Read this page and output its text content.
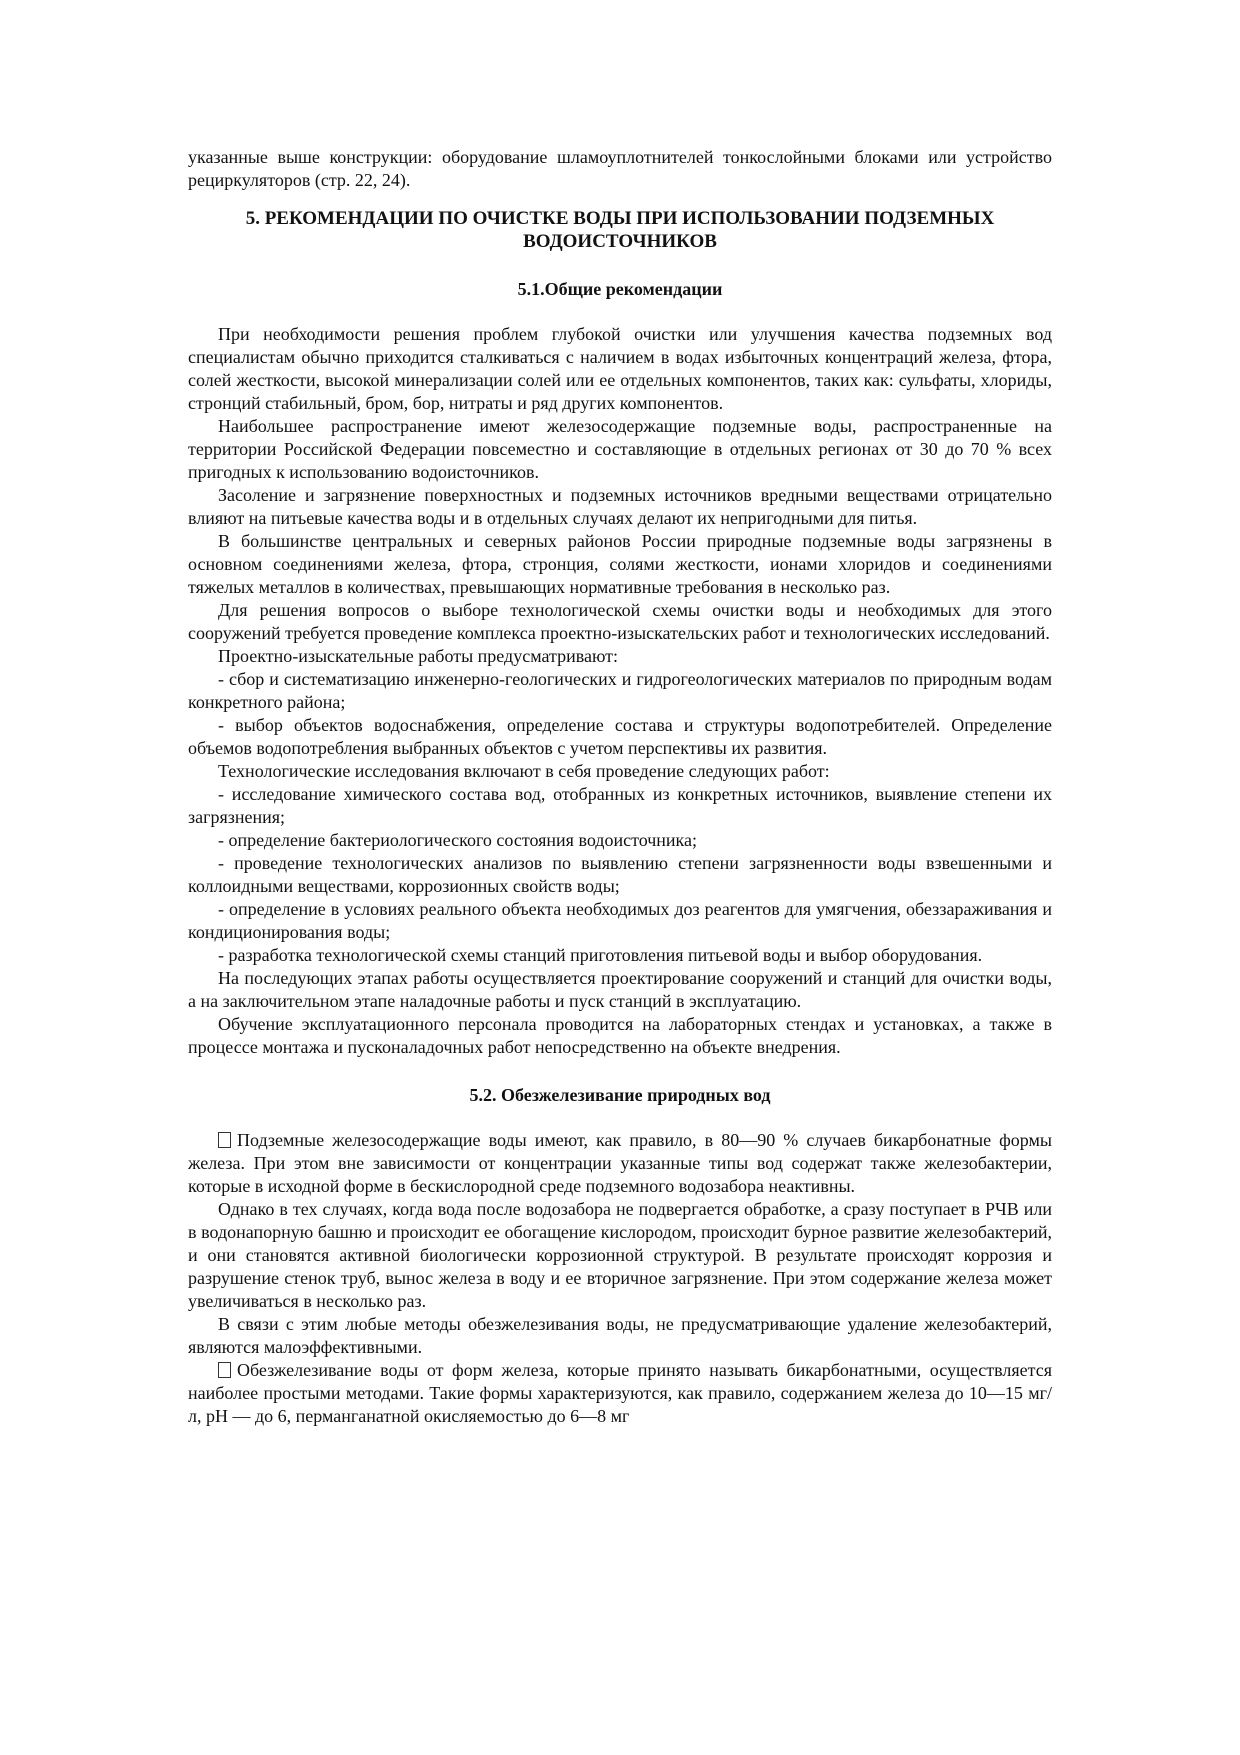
указанные выше конструкции: оборудование шламоуплотнителей тонкослойными блоками или устройство рециркуляторов (стр. 22, 24).

5. РЕКОМЕНДАЦИИ ПО ОЧИСТКЕ ВОДЫ ПРИ ИСПОЛЬЗОВАНИИ ПОДЗЕМНЫХ ВОДОИСТОЧНИКОВ
5.1.Общие рекомендации

При необходимости решения проблем глубокой очистки или улучшения качества подземных вод специалистам обычно приходится сталкиваться с наличием в водах избыточных концентраций железа, фтора, солей жесткости, высокой минерализации солей или ее отдельных компонентов, таких как: сульфаты, хлориды, стронций стабильный, бром, бор, нитраты и ряд других компонентов.

Наибольшее распространение имеют железосодержащие подземные воды, распространенные на территории Российской Федерации повсеместно и составляющие в отдельных регионах от 30 до 70 % всех пригодных к использованию водоисточников.

Засоление и загрязнение поверхностных и подземных источников вредными веществами отрицательно влияют на питьевые качества воды и в отдельных случаях делают их непригодными для питья.

В большинстве центральных и северных районов России природные подземные воды загрязнены в основном соединениями железа, фтора, стронция, солями жесткости, ионами хлоридов и соединениями тяжелых металлов в количествах, превышающих нормативные требования в несколько раз.

Для решения вопросов о выборе технологической схемы очистки воды и необходимых для этого сооружений требуется проведение комплекса проектно-изыскательских работ и технологических исследований.

Проектно-изыскательные работы предусматривают:

- сбор и систематизацию инженерно-геологических и гидрогеологических материалов по природным водам конкретного района;

- выбор объектов водоснабжения, определение состава и структуры водопотребителей. Определение объемов водопотребления выбранных объектов с учетом перспективы их развития.

Технологические исследования включают в себя проведение следующих работ:

- исследование химического состава вод, отобранных из конкретных источников, выявление степени их загрязнения;

- определение бактериологического состояния водоисточника;

- проведение технологических анализов по выявлению степени загрязненности воды взвешенными и коллоидными веществами, коррозионных свойств воды;

- определение в условиях реального объекта необходимых доз реагентов для умягчения, обеззараживания и кондиционирования воды;

- разработка технологической схемы станций приготовления питьевой воды и выбор оборудования.

На последующих этапах работы осуществляется проектирование сооружений и станций для очистки воды, а на заключительном этапе наладочные работы и пуск станций в эксплуатацию.

Обучение эксплуатационного персонала проводится на лабораторных стендах и установках, а также в процессе монтажа и пусконаладочных работ непосредственно на объекте внедрения.

5.2. Обезжелезивание природных вод

Подземные железосодержащие воды имеют, как правило, в 80—90 % случаев бикарбонатные формы железа. При этом вне зависимости от концентрации указанные типы вод содержат также железобактерии, которые в исходной форме в бескислородной среде подземного водозабора неактивны.

Однако в тех случаях, когда вода после водозабора не подвергается обработке, а сразу поступает в РЧВ или в водонапорную башню и происходит ее обогащение кислородом, происходит бурное развитие железобактерий, и они становятся активной биологически коррозионной структурой. В результате происходят коррозия и разрушение стенок труб, вынос железа в воду и ее вторичное загрязнение. При этом содержание железа может увеличиваться в несколько раз.

В связи с этим любые методы обезжелезивания воды, не предусматривающие удаление железобактерий, являются малоэффективными.

Обезжелезивание воды от форм железа, которые принято называть бикарбонатными, осуществляется наиболее простыми методами. Такие формы характеризуются, как правило, содержанием железа до 10—15 мг/л, pH — до 6, перманганатной окисляемостью до 6—8 мг
